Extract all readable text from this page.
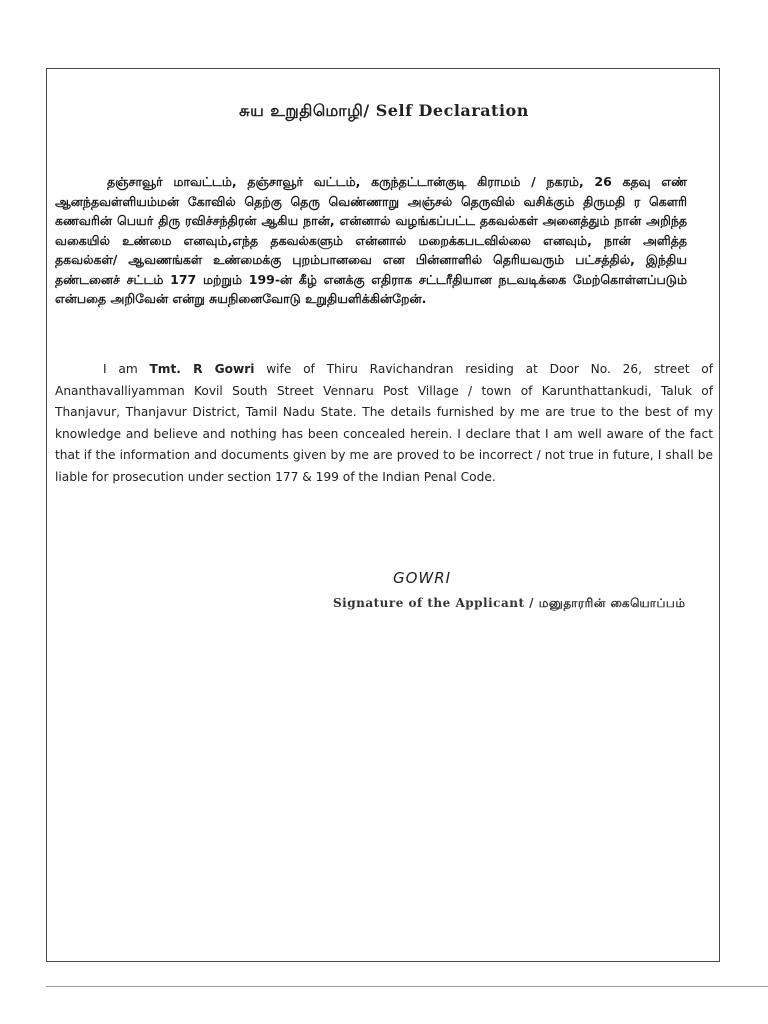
சுய உறுதிமொழி/ Self Declaration
தஞ்சாவூர் மாவட்டம், தஞ்சாவூர் வட்டம், கருந்தட்டான்குடி கிராமம் / நகரம், 26 கதவு எண் ஆனந்தவள்ளியம்மன் கோவில் தெற்கு தெரு வெண்ணாறு அஞ்சல் தெருவில் வசிக்கும் திருமதி ர கௌரி கணவரின் பெயர் திரு ரவிச்சந்திரன் ஆகிய நான், என்னால் வழங்கப்பட்ட தகவல்கள் அனைத்தும் நான் அறிந்த வகையில் உண்மை எனவும்,எந்த தகவல்களும் என்னால் மறைக்கபடவில்லை எனவும், நான் அளித்த தகவல்கள்/ ஆவணங்கள் உண்மைக்கு புறம்பானவை என பின்னாளில் தெரியவரும் பட்சத்தில், இந்திய தண்டனைச் சட்டம் 177 மற்றும் 199-ன் கீழ் எனக்கு எதிராக சட்டரீதியான நடவடிக்கை மேற்கொள்ளப்படும் என்பதை அறிவேன் என்று சுயநினைவோடு உறுதியளிக்கின்றேன்.
I am Tmt. R Gowri wife of Thiru Ravichandran residing at Door No. 26, street of Ananthavalliyamman Kovil South Street Vennaru Post Village / town of Karunthattankudi, Taluk of Thanjavur, Thanjavur District, Tamil Nadu State. The details furnished by me are true to the best of my knowledge and believe and nothing has been concealed herein. I declare that I am well aware of the fact that if the information and documents given by me are proved to be incorrect / not true in future, I shall be liable for prosecution under section 177 & 199 of the Indian Penal Code.
GOWRI
Signature of the Applicant / மனுதாரரின் கையொப்பம்
